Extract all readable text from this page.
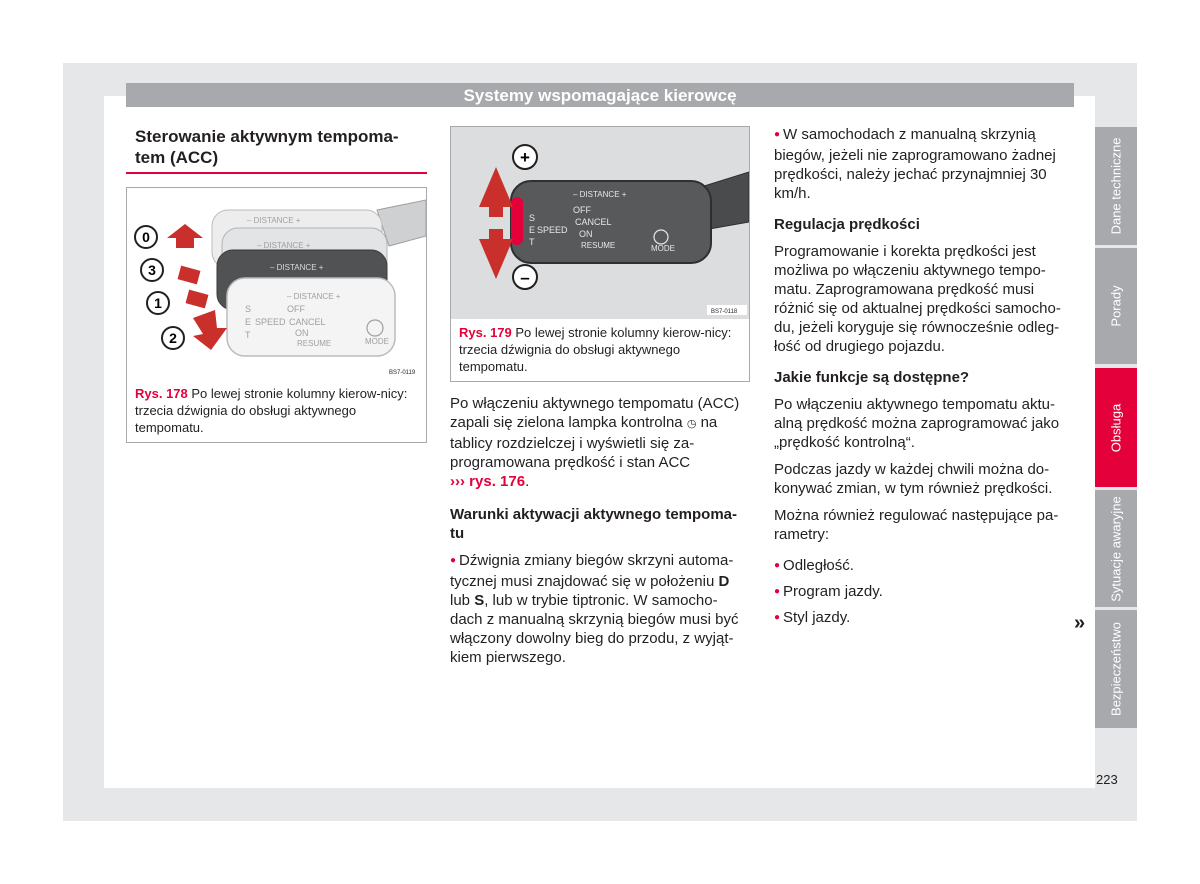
Systemy wspomagające kierowcę
Dane techniczne
Porady
Obsługa
Sytuacje awaryjne
Bezpieczeństwo
Sterowanie aktywnym tempoma-tem (ACC)
– DISTANCE +
– DISTANCE +
– DISTANCE +
– DISTANCE +
S
E
T
SPEED
OFF
CANCEL
ON
RESUME	MODE
0
3
1
2
BS7-0119
Rys. 178 Po lewej stronie kolumny kierow-nicy: trzecia dźwignia do obsługi aktywnego tempomatu.
S
E
T
SPEED
– DISTANCE +
OFF
CANCEL
ON
RESUME	MODE
+
–
BS7-0118
Rys. 179 Po lewej stronie kolumny kierow-nicy: trzecia dźwignia do obsługi aktywnego tempomatu.

Po włączeniu aktywnego tempomatu (ACC) zapali się zielona lampka kontrolna ◷ na tablicy rozdzielczej i wyświetli się za-programowana prędkość i stan ACC
››› rys. 176.

Warunki aktywacji aktywnego tempoma-tu

● Dźwignia zmiany biegów skrzyni automa-tycznej musi znajdować się w położeniu D lub S, lub w trybie tiptronic. W samocho-dach z manualną skrzynią biegów musi być włączony dowolny bieg do przodu, z wyjąt-kiem pierwszego.

● W samochodach z manualną skrzynią biegów, jeżeli nie zaprogramowano żadnej prędkości, należy jechać przynajmniej 30 km/h.

Regulacja prędkości

Programowanie i korekta prędkości jest możliwa po włączeniu aktywnego tempo-matu. Zaprogramowana prędkość musi różnić się od aktualnej prędkości samocho-du, jeżeli koryguje się równocześnie odleg-łość od drugiego pojazdu.

Jakie funkcje są dostępne?

Po włączeniu aktywnego tempomatu aktu-alną prędkość można zaprogramować jako „prędkość kontrolną“.

Podczas jazdy w każdej chwili można do-konywać zmian, w tym również prędkości.

Można również regulować następujące pa-rametry:

● Odległość.

● Program jazdy.

● Styl jazdy.	»
223
